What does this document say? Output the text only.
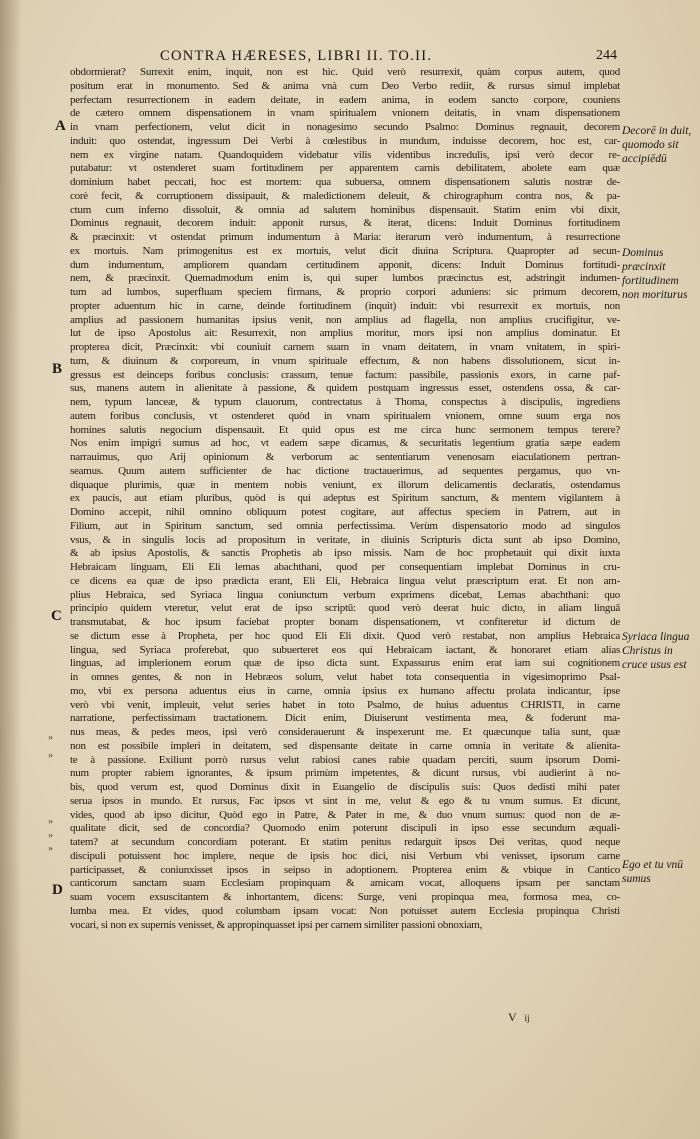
CONTRA HÆRESES, LIBRI II. TO.II.	244
A
B
C
D
››
››
››
››
››
Decorē in duit, quomodo sit accipiēdū
Dominus præcinxit fortitudinem non moriturus
Syriaca lingua Christus in cruce usus est
Ego et tu vnū sumus
obdormierat? Surrexit enim, inquit, non est hic. Quid verò resurrexit, quàm corpus autem, quod
positum erat in monumento. Sed & anima vnà cum Deo Verbo rediit, & rursus simul implebat
perfectam resurrectionem in eadem deitate, in eadem anima, in eodem sancto corpore, couniens
de cætero omnem dispensationem in vnam spiritualem vnionem deitatis, in vnam dispensationem
in vnam perfectionem, velut dicit in nonagesimo secundo Psalmo: Dominus regnauit, decorem
induit: quo ostendat, ingressum Dei Verbi à cœlestibus in mundum, induisse decorem, hoc est, car-
nem ex virgine natam. Quandoquidem videbatur vilis videntibus incredulis, ipsi verò decor re-
putabatur: vt ostenderet suam fortitudinem per apparentem carnis debilitatem, abolete eam quæ
dominium habet peccati, hoc est mortem: qua subuersa, omnem dispensationem salutis nostræ de-
corè fecit, & corruptionem dissipauit, & maledictionem deleuit, & chirographum contra nos, & pa-
ctum cum inferno dissoluit, & omnia ad salutem hominibus dispensauit. Statim enim vbi dixit,
Dominus regnauit, decorem induit: apponit rursus, & iterat, dicens: Induit Dominus fortitudinem
& præcinxit: vt ostendat primum indumentum à Maria: iterarum verò indumentum, à resurrectione
ex mortuis. Nam primogenitus est ex mortuis, velut dicit diuina Scriptura. Quapropter ad secun-
dum indumentum, ampliorem quandam certitudinem apponit, dicens: Induit Dominus fortitudi-
nem, & præcinxit. Quemadmodum enim is, qui super lumbos præcinctus est, adstringit indumen-
tum ad lumbos, superfluam speciem firmans, & proprio corpori aduniens: sic primum decorem,
propter aduentum hic in carne, deinde fortitudinem (inquit) induit: vbi resurrexit ex mortuis, non
amplius ad passionem humanitas ipsius venit, non amplius ad flagella, non amplius crucifigitur, ve-
lut de ipso Apostolus ait: Resurrexit, non amplius moritur, mors ipsi non amplius dominatur. Et
propterea dicit, Præcinxit: vbi couniuit carnem suam in vnam deitatem, in vnam vnitatem, in spiri-
tum, & diuinum & corporeum, in vnum spirituale effectum, & non habens dissolutionem, sicut in-
gressus est deinceps foribus conclusis: crassum, tenue factum: passibile, passionis exors, in carne paf-
sus, manens autem in alienitate à passione, & quidem postquam ingressus esset, ostendens ossa, & car-
nem, typum lanceæ, & typum clauorum, contrectatus à Thoma, conspectus à discipulis, ingrediens
autem foribus conclusis, vt ostenderet quòd in vnam spiritualem vnionem, omne suum erga nos
homines salutis negocium dispensauit. Et quid opus est me circa hunc sermonem tempus terere?
Nos enim impigri sumus ad hoc, vt eadem sæpe dicamus, & securitatis legentium gratia sæpe eadem
narrauimus, quo Arij opinionum & verborum ac sententiarum venenosam eiaculationem pertran-
seamus. Quum autem sufficienter de hac dictione tractauerimus, ad sequentes pergamus, quo vn-
diquaque plurimis, quæ in mentem nobis veniunt, ex illorum delicamentis declaratis, ostendamus
ex paucis, aut etiam pluribus, quòd is qui adeptus est Spiritum sanctum, & mentem vigilantem à
Domino accepit, nihil omnino obliquum potest cogitare, aut affectus speciem in Patrem, aut in
Filium, aut in Spiritum sanctum, sed omnia perfectissima. Verùm dispensatorio modo ad singulos
vsus, & in singulis locis ad propositum in veritate, in diuinis Scripturis dicta sunt ab ipso Domino,
& ab ipsius Apostolis, & sanctis Prophetis ab ipso missis. Nam de hoc prophetauit qui dixit iuxta
Hebraicam linguam, Eli Eli lemas abachthani, quod per consequentiam implebat Dominus in cru-
ce dicens ea quæ de ipso prædicta erant, Eli Eli, Hebraica lingua velut præscriptum erat. Et non am-
plius Hebraica, sed Syriaca lingua coniunctum verbum exprimens dicebat, Lemas abachthani: quo
principio quidem vteretur, velut erat de ipso scriptū: quod verò deerat huic dicto, in aliam linguā
transmutabat, & hoc ipsum faciebat propter bonam dispensationem, vt confiteretur id dictum de
se dictum esse à Propheta, per hoc quod Eli Eli dixit. Quod verò restabat, non amplius Hebraica
lingua, sed Syriaca proferebat, quo subuerteret eos qui Hebraicam iactant, & honoraret etiam alias
linguas, ad implerionem eorum quæ de ipso dicta sunt. Expassurus enim erat iam sui cognitionem
in omnes gentes, & non in Hebræos solum, velut habet tota consequentia in vigesimoprimo Psal-
mo, vbi ex persona aduentus eius in carne, omnia ipsius ex humano affectu prolata indicantur, ipse
verò vbi venit, impleuit, velut series habet in toto Psalmo, de huius aduentus CHRISTI, in carne
narratione, perfectissimam tractationem. Dicit enim, Diuiserunt vestimenta mea, & foderunt ma-
nus meas, & pedes meos, ipsi verò considerauerunt & inspexerunt me. Et quæcunque talia sunt, quæ
non est possibile impleri in deitatem, sed dispensante deitate in carne omnia in veritate & alienita-
te à passione. Exiliunt porrò rursus velut rabiosi canes rabie quadam perciti, suum ipsorum Domi-
num propter rabiem ignorantes, & ipsum primùm impetentes, & dicunt rursus, vbi audierint à no-
bis, quod verum est, quod Dominus dixit in Euangelio de discipulis suis: Quos dedisti mihi pater
serua ipsos in mundo. Et rursus, Fac ipsos vt sint in me, velut & ego & tu vnum sumus. Et dicunt,
vides, quod ab ipso dicitur, Quòd ego in Patre, & Pater in me, & duo vnum sumus: quod non de æ-
qualitate dicit, sed de concordia? Quomodo enim poterunt discipuli in ipso esse secundum æquali-
tatem? at secundum concordiam poterant. Et statim penitus redarguit ipsos Dei veritas, quod neque
discipuli potuissent hoc implere, neque de ipsis hoc dici, nisi Verbum vbi venisset, ipsorum carne
participasset, & coniunxisset ipsos in seipso in adoptionem. Propterea enim & vbique in Cantico
canticorum sanctam suam Ecclesiam propinquam & amicam vocat, alloquens ipsam per sanctam
suam vocem exsuscitantem & inhortantem, dicens: Surge, veni propinqua mea, formosa mea, co-
lumba mea. Et vides, quod columbam ipsam vocat: Non potuisset autem Ecclesia propinqua Christi
vocari, si non ex supernis venisset, & appropinquasset ipsi per carnem similiter passioni obnoxiam,
V ij
